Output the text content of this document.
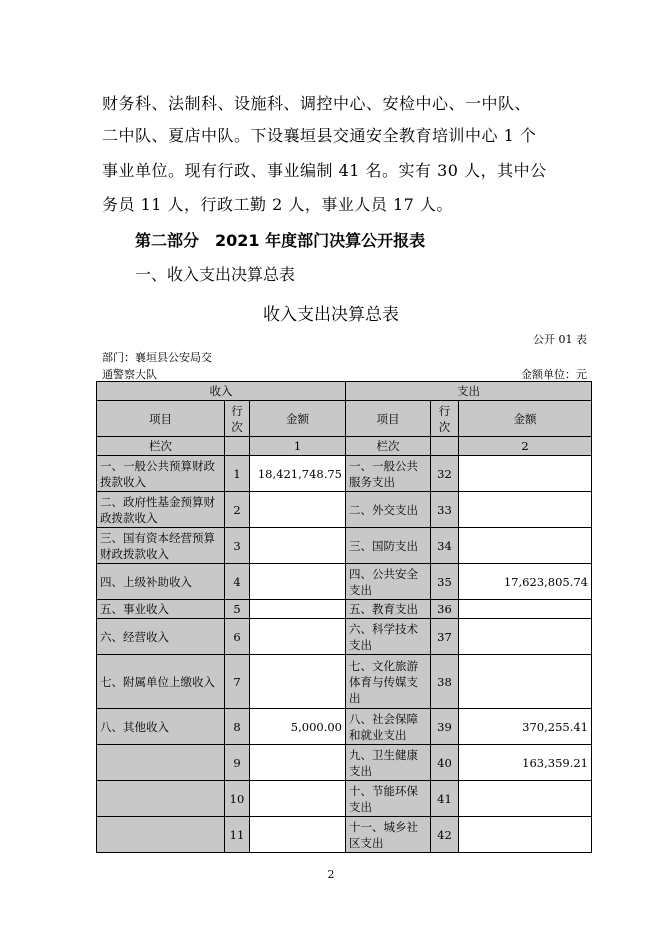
财务科、法制科、设施科、调控中心、安检中心、一中队、

二中队、夏店中队。下设襄垣县交通安全教育培训中心 1 个

事业单位。现有行政、事业编制 41 名。实有 30 人，其中公

务员 11 人，行政工勤 2 人，事业人员 17 人。

第二部分　2021 年度部门决算公开报表

一、收入支出决算总表

收入支出决算总表

公开 01 表

部门：襄垣县公安局交

通警察大队	金额单位：元

收入			支出		
项目	行次	金额	项目	行次	金额
栏次		1	栏次		2
一、一般公共预算财政拨款收入	1	18,421,748.75	一、一般公共服务支出	32	
二、政府性基金预算财政拨款收入	2		二、外交支出	33	
三、国有资本经营预算财政拨款收入	3		三、国防支出	34	
四、上级补助收入	4		四、公共安全支出	35	17,623,805.74
五、事业收入	5		五、教育支出	36	
六、经营收入	6		六、科学技术支出	37	
七、附属单位上缴收入	7		七、文化旅游体育与传媒支出	38	
八、其他收入	8	5,000.00	八、社会保障和就业支出	39	370,255.41
	9		九、卫生健康支出	40	163,359.21
	10		十、节能环保支出	41	
	11		十一、城乡社区支出	42	

2
